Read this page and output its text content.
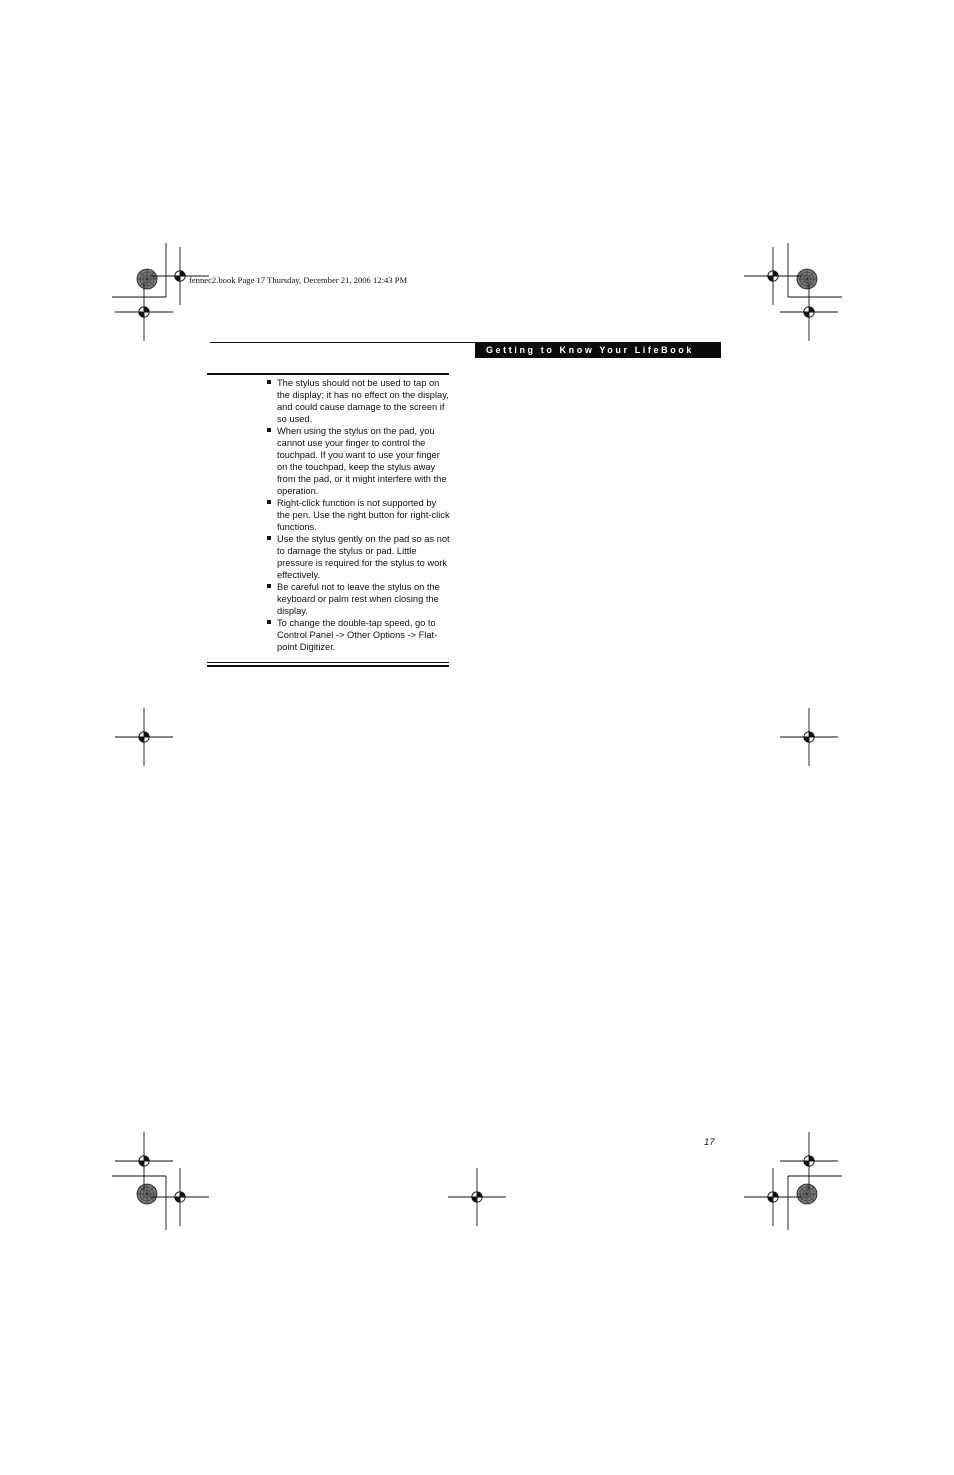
fennec2.book Page 17 Thursday, December 21, 2006 12:43 PM
Getting to Know Your LifeBook
The stylus should not be used to tap on the display; it has no effect on the display, and could cause damage to the screen if so used.
When using the stylus on the pad, you cannot use your finger to control the touchpad. If you want to use your finger on the touchpad, keep the stylus away from the pad, or it might interfere with the operation.
Right-click function is not supported by the pen. Use the right button for right-click functions.
Use the stylus gently on the pad so as not to damage the stylus or pad. Little pressure is required for the stylus to work effectively.
Be careful not to leave the stylus on the keyboard or palm rest when closing the display.
To change the double-tap speed, go to Control Panel -> Other Options -> Flat-point Digitizer.
17
